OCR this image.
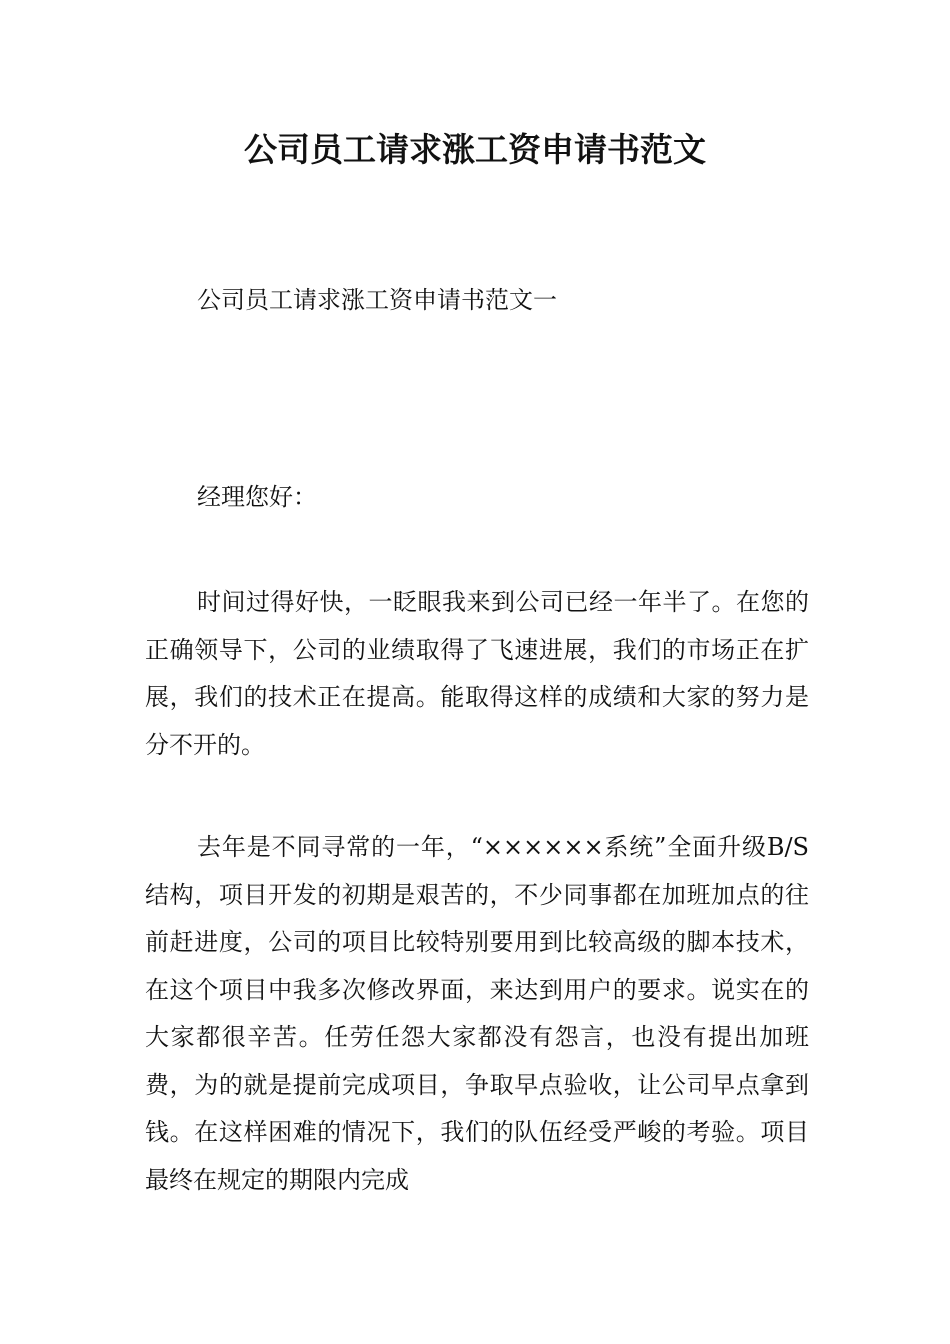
公司员工请求涨工资申请书范文

公司员工请求涨工资申请书范文一

经理您好：

时间过得好快，一眨眼我来到公司已经一年半了。在您的正确领导下，公司的业绩取得了飞速进展，我们的市场正在扩展，我们的技术正在提高。能取得这样的成绩和大家的努力是分不开的。

去年是不同寻常的一年，“××××××系统”全面升级B/S结构，项目开发的初期是艰苦的，不少同事都在加班加点的往前赶进度，公司的项目比较特别要用到比较高级的脚本技术，在这个项目中我多次修改界面，来达到用户的要求。说实在的大家都很辛苦。任劳任怨大家都没有怨言，也没有提出加班费，为的就是提前完成项目，争取早点验收，让公司早点拿到钱。在这样困难的情况下，我们的队伍经受严峻的考验。项目最终在规定的期限内完成
